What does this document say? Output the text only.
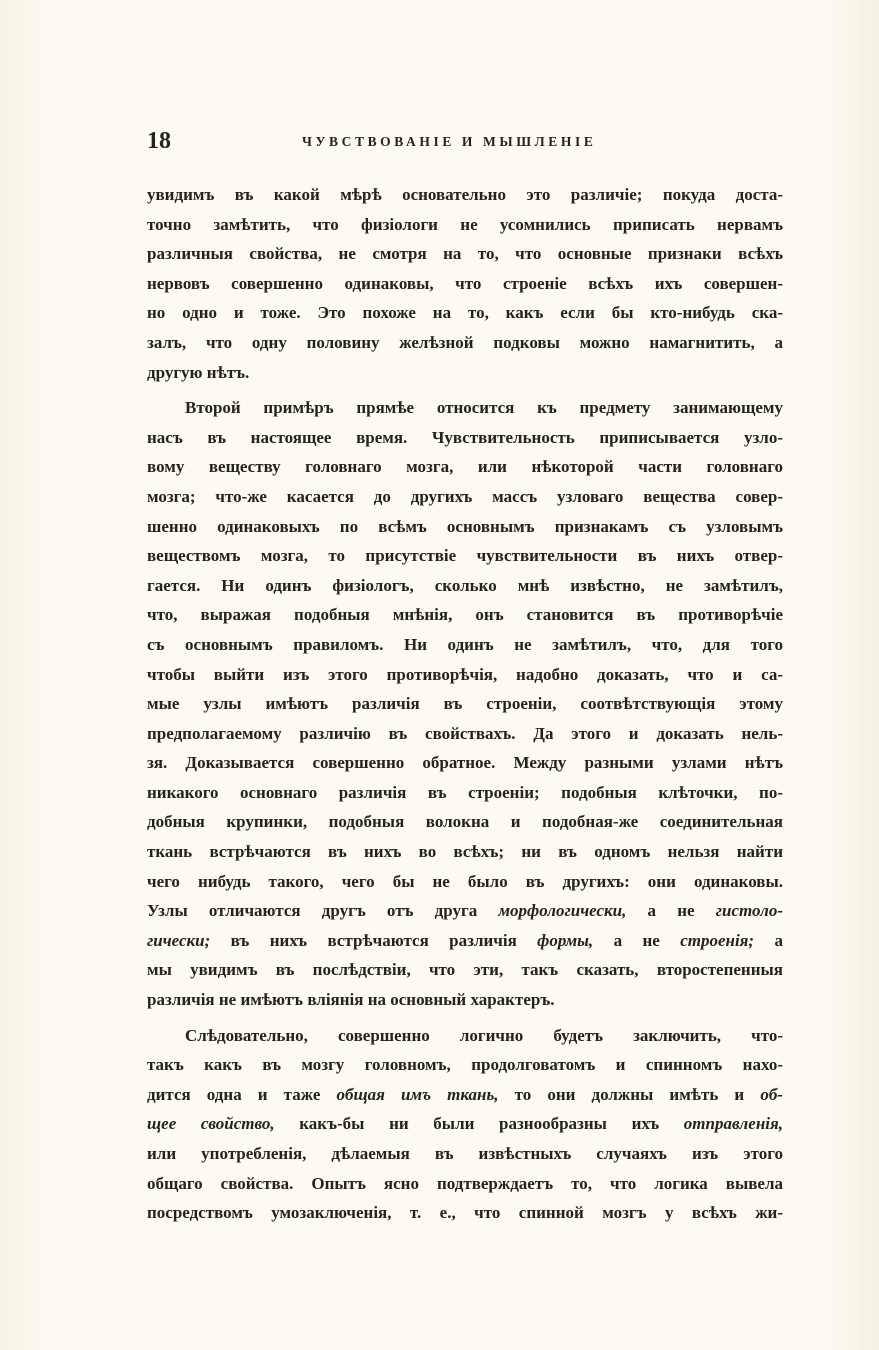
18	ЧУВСТВОВАНІЕ И МЫШЛЕНІЕ
увидимъ въ какой мѣрѣ основательно это различіе; покуда доста-
точно замѣтить, что физіологи не усомнились приписать нервамъ
различныя свойства, не смотря на то, что основные признаки всѣхъ
нервовъ совершенно одинаковы, что строеніе всѣхъ ихъ совершен-
но одно и тоже. Это похоже на то, какъ если бы кто-нибудь ска-
залъ, что одну половину желѣзной подковы можно намагнитить, а
другую нѣтъ.
Второй примѣръ прямѣе относится къ предмету занимающему
насъ въ настоящее время. Чувствительность приписывается узло-
вому веществу головнаго мозга, или нѣкоторой части головнаго
мозга; что-же касается до другихъ массъ узловаго вещества совер-
шенно одинаковыхъ по всѣмъ основнымъ признакамъ съ узловымъ
веществомъ мозга, то присутствіе чувствительности въ нихъ отвер-
гается. Ни одинъ физіологъ, сколько мнѣ извѣстно, не замѣтилъ,
что, выражая подобныя мнѣнія, онъ становится въ противорѣчіе
съ основнымъ правиломъ. Ни одинъ не замѣтилъ, что, для того
чтобы выйти изъ этого противорѣчія, надобно доказать, что и са-
мые узлы имѣютъ различія въ строеніи, соотвѣтствующія этому
предполагаемому различію въ свойствахъ. Да этого и доказать нель-
зя. Доказывается совершенно обратное. Между разными узлами нѣтъ
никакого основнаго различія въ строеніи; подобныя клѣточки, по-
добныя крупинки, подобныя волокна и подобная-же соединительная
ткань встрѣчаются въ нихъ во всѣхъ; ни въ одномъ нельзя найти
чего нибудь такого, чего бы не было въ другихъ: они одинаковы.
Узлы отличаются другъ отъ друга морфологически, а не гистоло-
гически; въ нихъ встрѣчаются различія формы, а не строенія; а
мы увидимъ въ послѣдствіи, что эти, такъ сказать, второстепенныя
различія не имѣютъ вліянія на основный характеръ.
Слѣдовательно, совершенно логично будетъ заключить, что-
такъ какъ въ мозгу головномъ, продолговатомъ и спинномъ нахо-
дится одна и таже общая имъ ткань, то они должны имѣть и об-
щее свойство, какъ-бы ни были разнообразны ихъ отправленія,
или употребленія, дѣлаемыя въ извѣстныхъ случаяхъ изъ этого
общаго свойства. Опытъ ясно подтверждаетъ то, что логика вывела
посредствомъ умозаключенія, т. е., что спинной мозгъ у всѣхъ жи-
